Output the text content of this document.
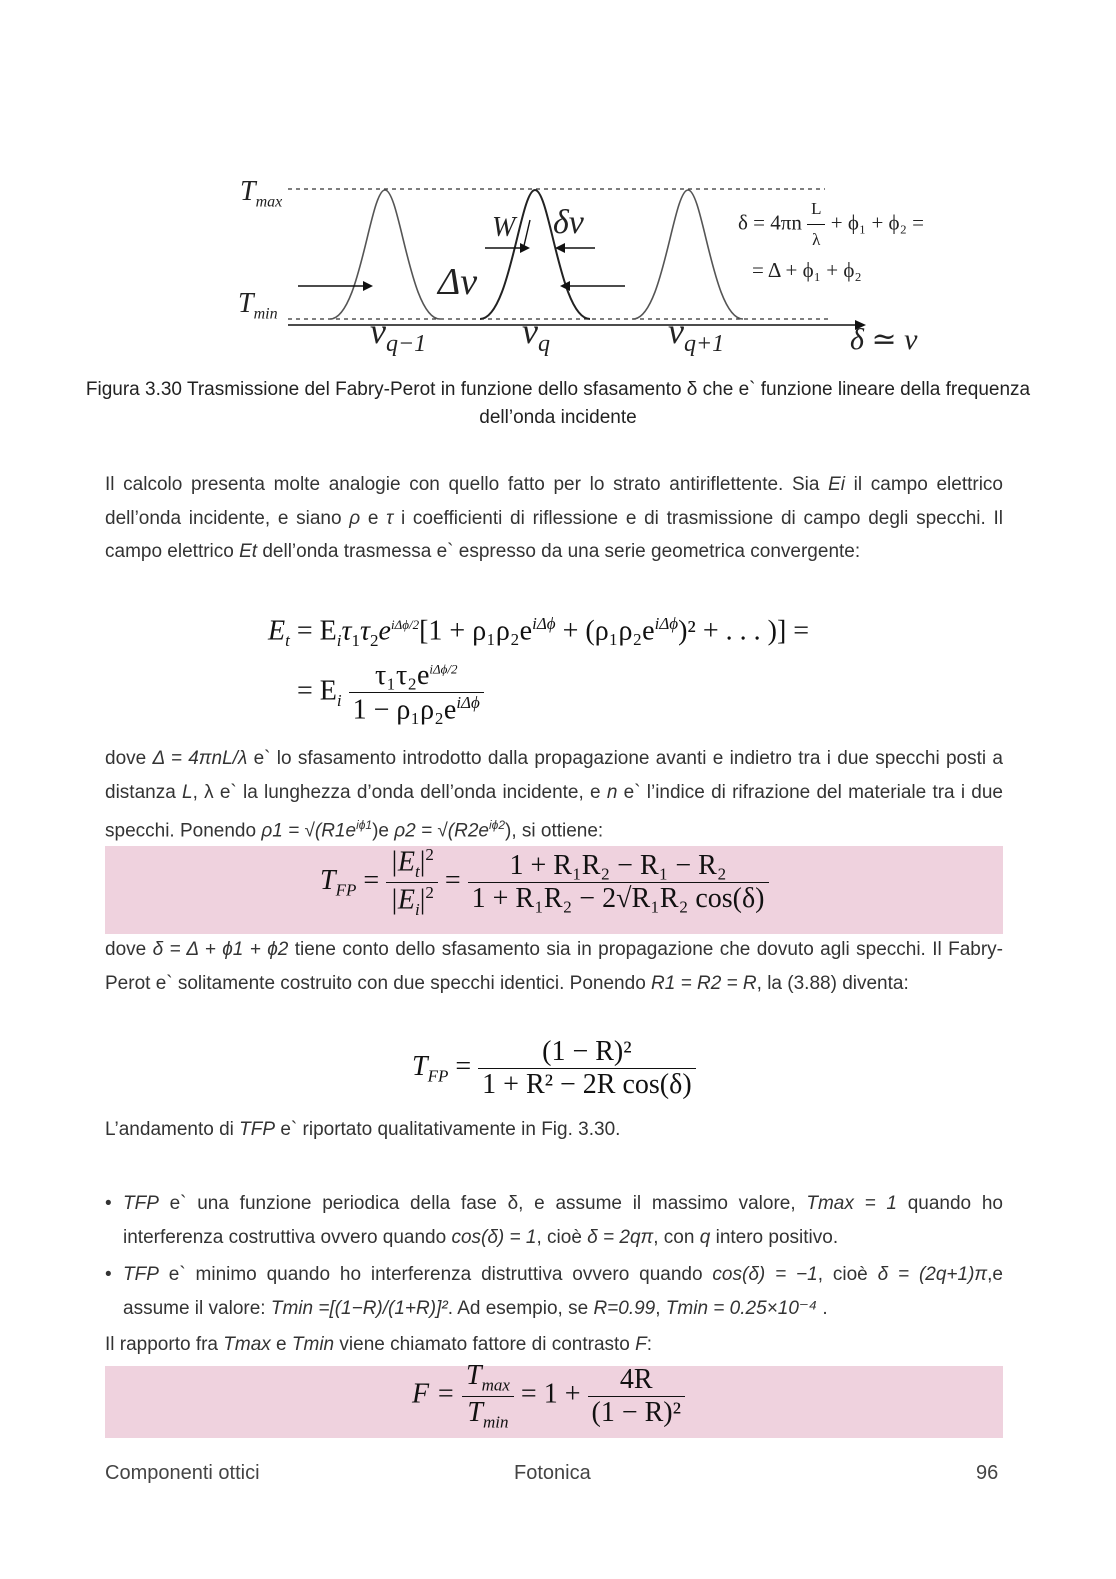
$T_{max}$
$T_{min}$
W δν
Δν
$\nu_{q-1}$	$\nu_q$	$\nu_{q+1}$	δ ≃ ν
$\delta = 4\pi n \frac{L}{\lambda} + \phi_1 + \phi_2$ =
= Δ + ϕ₁ + ϕ₂
Figura 3.30 Trasmissione del Fabry-Perot in funzione dello sfasamento δ che e` funzione lineare della frequenza
dell’onda incidente
Il calcolo presenta molte analogie con quello fatto per lo strato antiriflettente. Sia Ei il campo elettrico dell’onda incidente, e siano ρ e τ i coefficienti di riflessione e di trasmissione di campo degli specchi. Il campo elettrico Et dell’onda trasmessa e` espresso da una serie geometrica convergente:
$E_t = E_i\tau_1\tau_2e^{i\Delta\phi/2}[1 + \rho_1\rho_2e^{i\Delta\phi} + (\rho_1\rho_2e^{i\Delta\phi})^2$ + . . . )] =
= $E_i \frac{\tau_1\tau_2e^{i\Delta\phi/2}}{1 - \rho_1\rho_2e^{i\Delta\phi}}$
dove Δ = 4πnL/λ e` lo sfasamento introdotto dalla propagazione avanti e indietro tra i due specchi posti a distanza L, λ e` la lunghezza d’onda dell’onda incidente, e n e` l’indice di rifrazione del materiale tra i due specchi. Ponendo $\rho 1 = √(R1e^{i\phi 1})e$ $\rho 2 = √(R2e^{i\phi 2})$, si ottiene:
$T_{FP} = \frac{|E_t|^2}{|E_i|^2} = \frac{\text{1 + R₁R₂ − R₁ − R₂}}{\text{1 + R₁R₂ − 2√R₁R₂ cos(δ)}}$
dove δ = Δ + ϕ1 + ϕ2 tiene conto dello sfasamento sia in propagazione che dovuto agli specchi. Il Fabry-Perot e` solitamente costruito con due specchi identici. Ponendo R1 = R2 = R, la (3.88) diventa:
$T_{FP} = \frac{\text{(1 − R)²}}{\text{1 + R² − 2R cos(δ)}}$
L’andamento di TFP e` riportato qualitativamente in Fig. 3.30.
• TFP e` una funzione periodica della fase δ, e assume il massimo valore, Tmax = 1 quando ho interferenza costruttiva ovvero quando cos(δ) = 1, cioè δ = 2qπ, con q intero positivo.
• TFP e` minimo quando ho interferenza distruttiva ovvero quando cos(δ) = −1, cioè δ = (2q+1)π,e assume il valore: Tmin =[(1−R)/(1+R)]². Ad esempio, se R=0.99, Tmin = 0.25×10⁻⁴ .
Il rapporto fra Tmax e Tmin viene chiamato fattore di contrasto F:
$F = \frac{T_{max}}{T_{min}} = 1 + \frac{4R}{\text{(1 − R)²}}$
Componenti ottici	Fotonica	96
